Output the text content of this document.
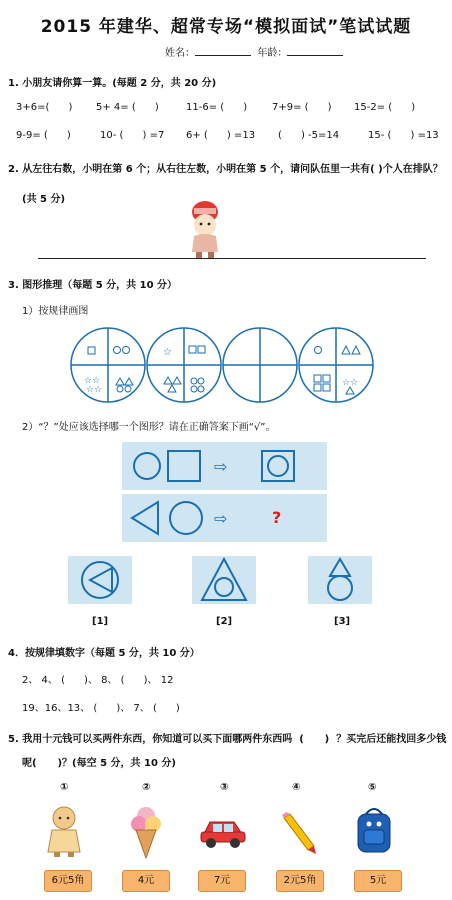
2015 年建华、超常专场“模拟面试”笔试试题
姓名：	年龄：
1. 小朋友请你算一算。(每题 2 分，共 20 分)
3+6=(      ) 5+ 4= (      )	11-6= (      ) 7+9= (      ) 15-2= (      )
9-9= (      )	10- (      ) =7 6+ (      ) =13 (      ) -5=14	15- (      ) =13
2. 从左往右数，小明在第 6 个；从右往左数，小明在第 5 个，请问队伍里一共有( )个人在排队？
(共 5 分)
3. 图形推理（每题 5 分，共 10 分）
1）按规律画图
☆☆
☆☆
☆
☆☆
2）“？”处应该选择哪一个图形？请在正确答案下画“√”。
⇨
⇨	?
[1]	[2]	[3]
4．按规律填数字（每题 5 分，共 10 分）
2、 4、 (      )、 8、 (      )、 12
19、16、13、 (      )、 7、 (      )
5. 我用十元钱可以买两件东西，你知道可以买下面哪两件东西吗  (      )  ？买完后还能找回多少钱
呢(      )？(每空 5 分，共 10 分)
①	②	③	④	⑤
6元5角	4元	7元	2元5角	5元
